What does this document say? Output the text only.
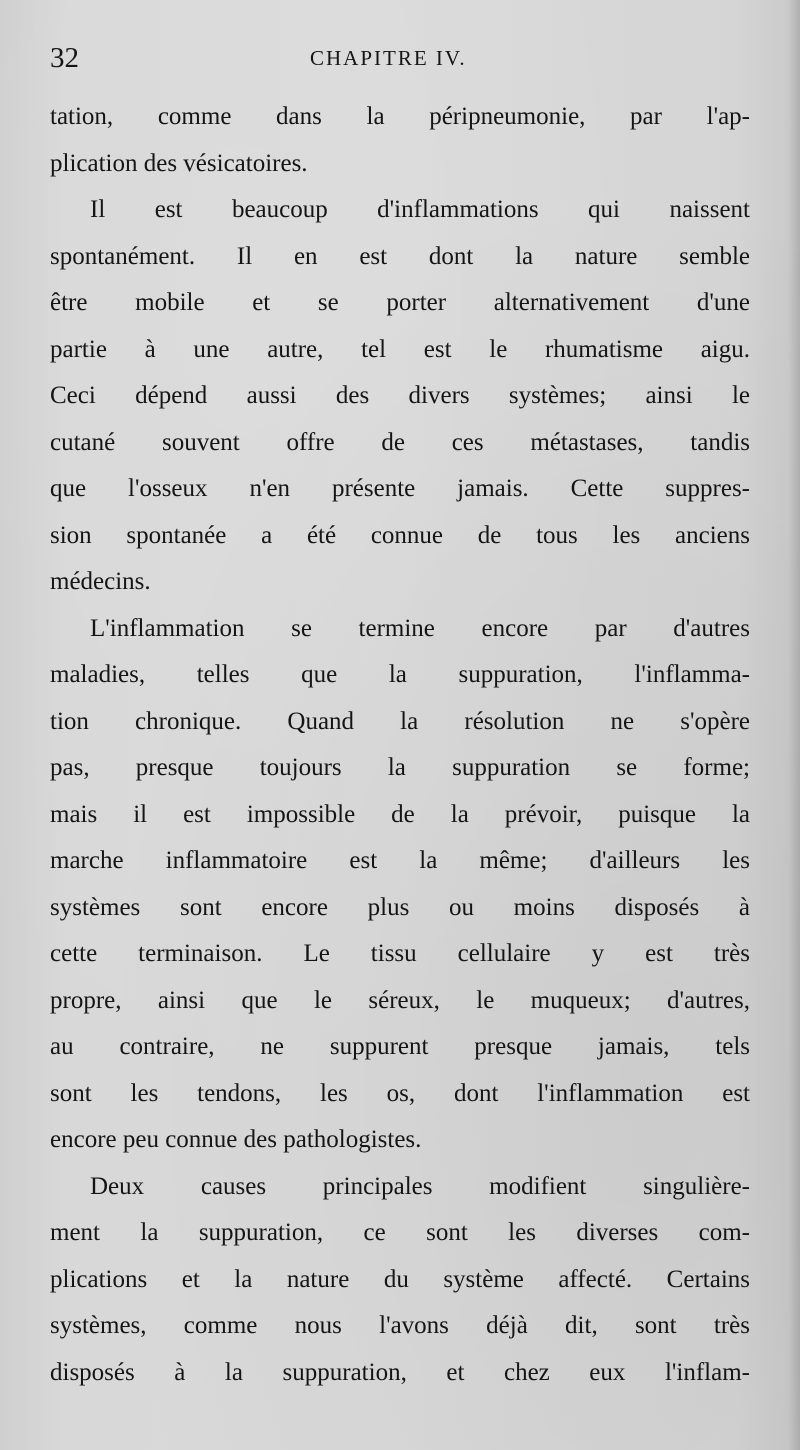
32	CHAPITRE IV.
tation, comme dans la péripneumonie, par l'ap-
plication des vésicatoires.
Il est beaucoup d'inflammations qui naissent
spontanément. Il en est dont la nature semble
être mobile et se porter alternativement d'une
partie à une autre, tel est le rhumatisme aigu.
Ceci dépend aussi des divers systèmes; ainsi le
cutané souvent offre de ces métastases, tandis
que l'osseux n'en présente jamais. Cette suppres-
sion spontanée a été connue de tous les anciens
médecins.
L'inflammation se termine encore par d'autres
maladies, telles que la suppuration, l'inflamma-
tion chronique. Quand la résolution ne s'opère
pas, presque toujours la suppuration se forme;
mais il est impossible de la prévoir, puisque la
marche inflammatoire est la même; d'ailleurs les
systèmes sont encore plus ou moins disposés à
cette terminaison. Le tissu cellulaire y est très
propre, ainsi que le séreux, le muqueux; d'autres,
au contraire, ne suppurent presque jamais, tels
sont les tendons, les os, dont l'inflammation est
encore peu connue des pathologistes.
Deux causes principales modifient singulière-
ment la suppuration, ce sont les diverses com-
plications et la nature du système affecté. Certains
systèmes, comme nous l'avons déjà dit, sont très
disposés à la suppuration, et chez eux l'inflam-
